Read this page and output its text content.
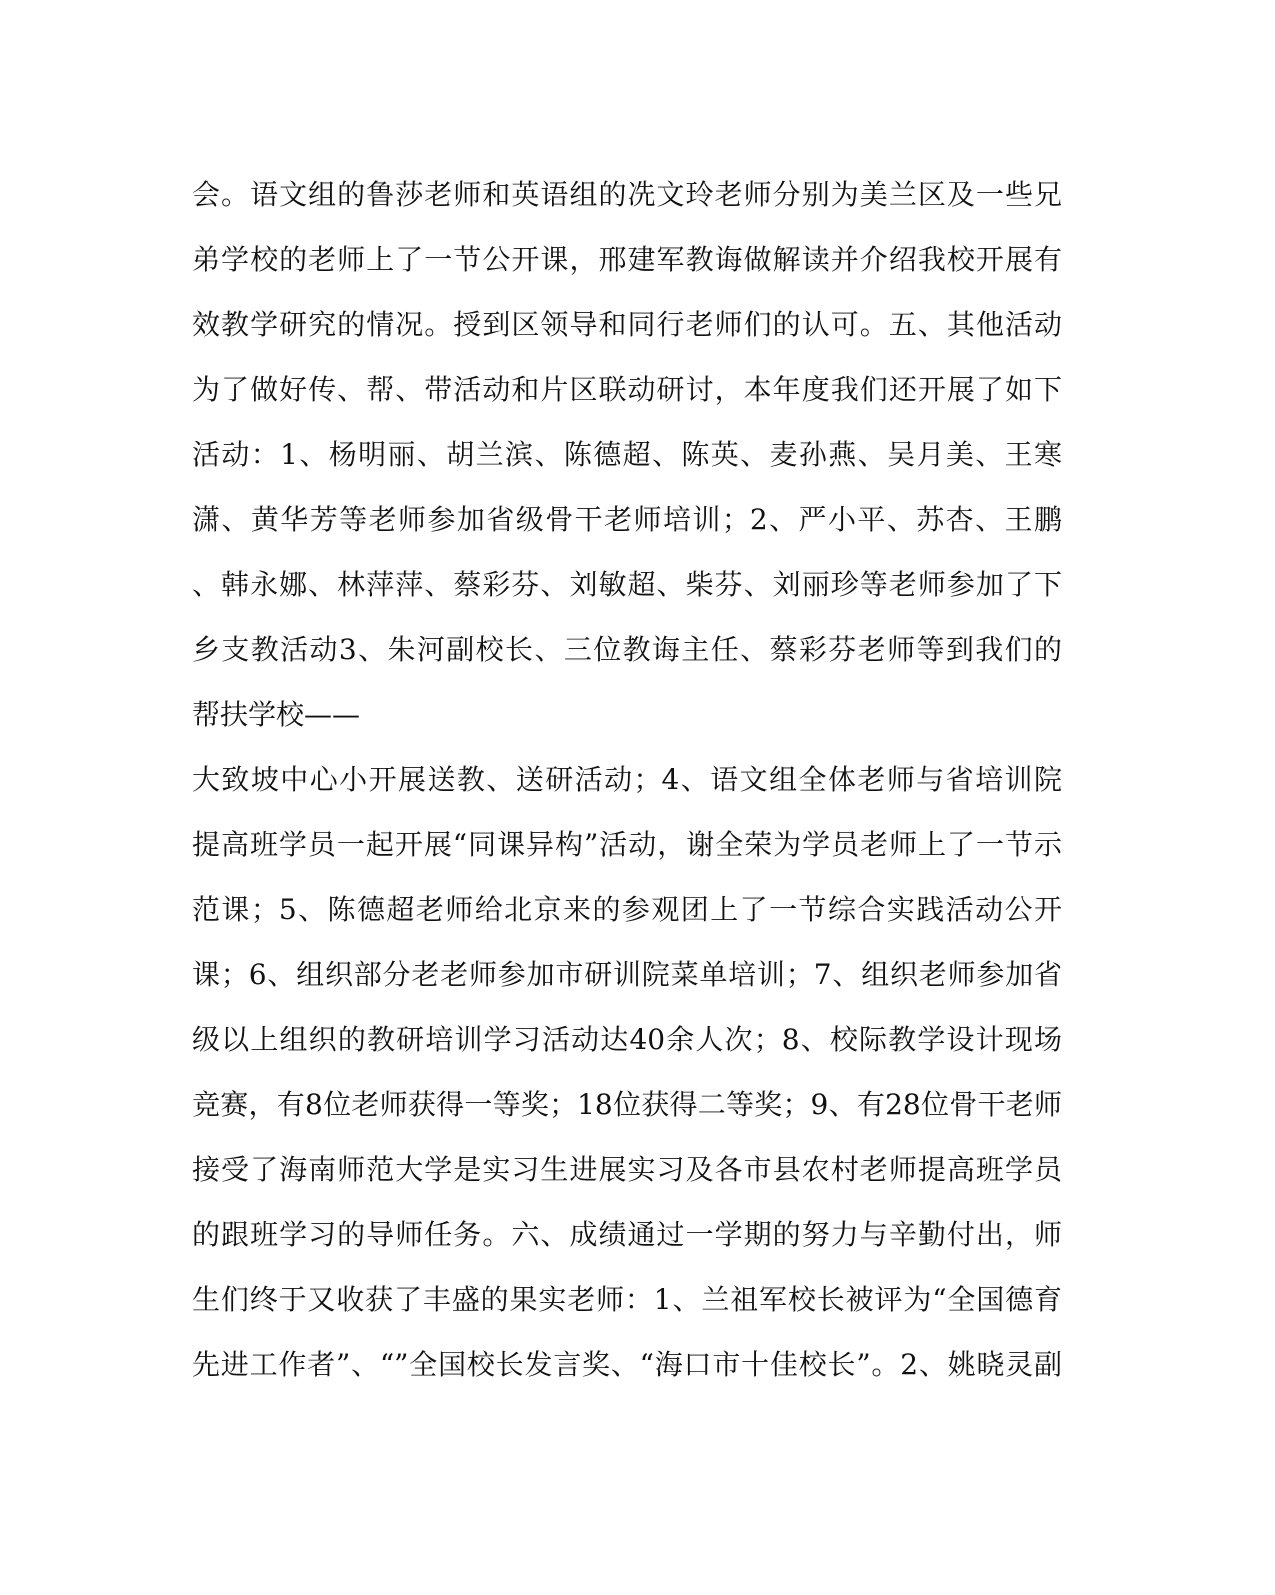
会。语文组的鲁莎老师和英语组的冼文玲老师分别为美兰区及一些兄
弟学校的老师上了一节公开课，邢建军教诲做解读并介绍我校开展有
效教学研究的情况。授到区领导和同行老师们的认可。五、其他活动
为了做好传、帮、带活动和片区联动研讨，本年度我们还开展了如下
活动：1、杨明丽、胡兰滨、陈德超、陈英、麦孙燕、吴月美、王寒
潇、黄华芳等老师参加省级骨干老师培训；2、严小平、苏杏、王鹏
、韩永娜、林萍萍、蔡彩芬、刘敏超、柴芬、刘丽珍等老师参加了下
乡支教活动3、朱河副校长、三位教诲主任、蔡彩芬老师等到我们的
帮扶学校——
大致坡中心小开展送教、送研活动；4、语文组全体老师与省培训院
提高班学员一起开展“同课异构”活动，谢全荣为学员老师上了一节示
范课；5、陈德超老师给北京来的参观团上了一节综合实践活动公开
课；6、组织部分老老师参加市研训院菜单培训；7、组织老师参加省
级以上组织的教研培训学习活动达40余人次；8、校际教学设计现场
竞赛，有8位老师获得一等奖；18位获得二等奖；9、有28位骨干老师
接受了海南师范大学是实习生进展实习及各市县农村老师提高班学员
的跟班学习的导师任务。六、成绩通过一学期的努力与辛勤付出，师
生们终于又收获了丰盛的果实老师：1、兰祖军校长被评为“全国德育
先进工作者”、“”全国校长发言奖、“海口市十佳校长”。2、姚晓灵副
